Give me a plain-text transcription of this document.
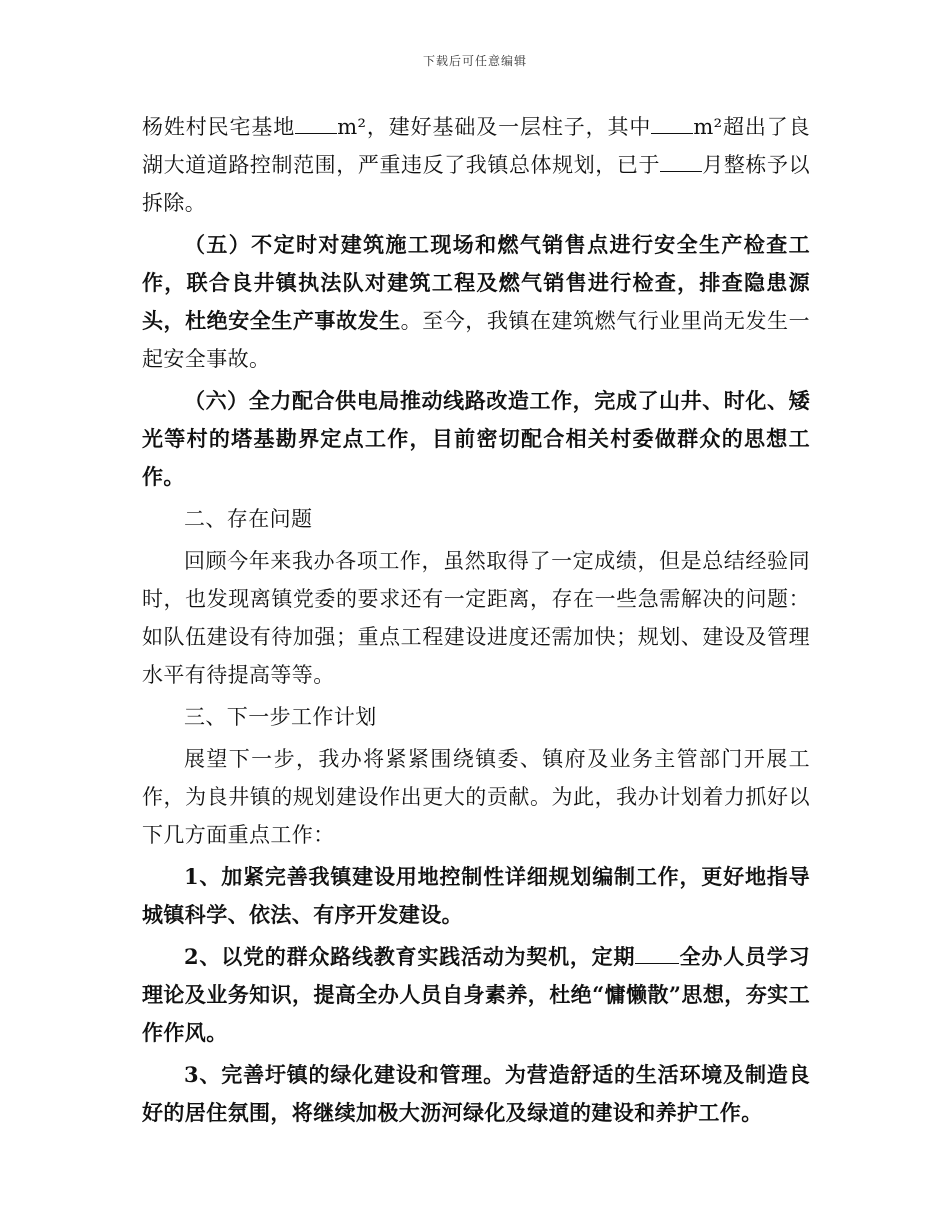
下载后可任意编辑

杨姓村民宅基地 m²，建好基础及一层柱子，其中 m²超出了良湖大道道路控制范围，严重违反了我镇总体规划，已于 月整栋予以拆除。

（五）不定时对建筑施工现场和燃气销售点进行安全生产检查工作，联合良井镇执法队对建筑工程及燃气销售进行检查，排查隐患源头，杜绝安全生产事故发生。至今，我镇在建筑燃气行业里尚无发生一起安全事故。

（六）全力配合供电局推动线路改造工作，完成了山井、时化、矮光等村的塔基勘界定点工作，目前密切配合相关村委做群众的思想工作。

二、存在问题

回顾今年来我办各项工作，虽然取得了一定成绩，但是总结经验同时，也发现离镇党委的要求还有一定距离，存在一些急需解决的问题：如队伍建设有待加强；重点工程建设进度还需加快；规划、建设及管理水平有待提高等等。

三、下一步工作计划

展望下一步，我办将紧紧围绕镇委、镇府及业务主管部门开展工作，为良井镇的规划建设作出更大的贡献。为此，我办计划着力抓好以下几方面重点工作：

1、加紧完善我镇建设用地控制性详细规划编制工作，更好地指导城镇科学、依法、有序开发建设。

2、以党的群众路线教育实践活动为契机，定期 全办人员学习理论及业务知识，提高全办人员自身素养，杜绝“慵懒散”思想，夯实工作作风。

3、完善圩镇的绿化建设和管理。为营造舒适的生活环境及制造良好的居住氛围，将继续加极大沥河绿化及绿道的建设和养护工作。
